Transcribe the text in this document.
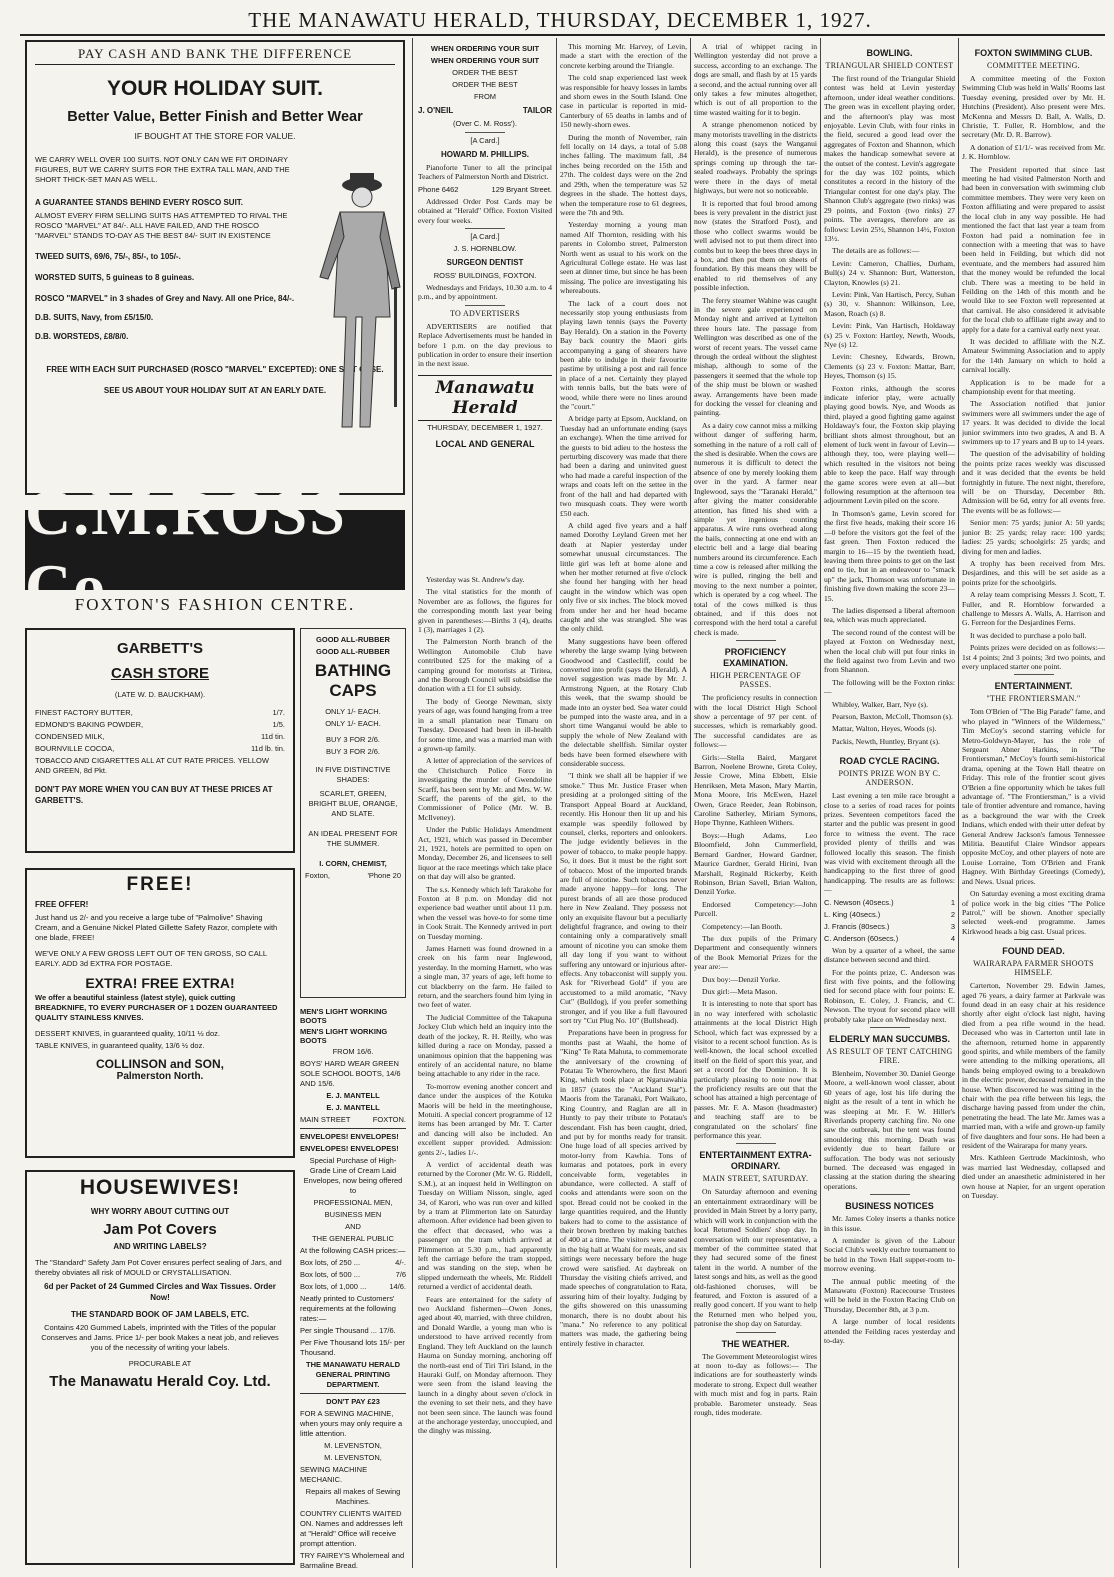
THE MANAWATU HERALD, THURSDAY, DECEMBER 1, 1927.
PAY CASH AND BANK THE DIFFERENCE
YOUR HOLIDAY SUIT.
Better Value, Better Finish and Better Wear
IF BOUGHT AT THE STORE FOR VALUE.
WE CARRY WELL OVER 100 SUITS. NOT ONLY CAN WE FIT ORDINARY FIGURES, BUT WE CARRY SUITS FOR THE EXTRA TALL MAN, AND THE SHORT THICK-SET MAN AS WELL.
A GUARANTEE STANDS BEHIND EVERY ROSCO SUIT.
ALMOST EVERY FIRM SELLING SUITS HAS ATTEMPTED TO RIVAL THE ROSCO "MARVEL" AT 84/-. ALL HAVE FAILED, AND THE ROSCO "MARVEL" STANDS TO-DAY AS THE BEST 84/- SUIT IN EXISTENCE
TWEED SUITS, 69/6, 75/-, 85/-, to 105/-.
WORSTED SUITS, 5 guineas to 8 guineas.
ROSCO "MARVEL" in 3 shades of Grey and Navy. All one Price, 84/-.
D.B. SUITS, Navy, from £5/15/0.
D.B. WORSTEDS, £8/8/0.
FREE WITH EACH SUIT PURCHASED (ROSCO "MARVEL" EXCEPTED): ONE SUIT CASE.
SEE US ABOUT YOUR HOLIDAY SUIT AT AN EARLY DATE.
C.M.ROSS Co
FOXTON'S FASHION CENTRE.
GARBETT'S
CASH STORE
(LATE W. D. BAUCKHAM).
FINEST FACTORY BUTTER,	1/7.
EDMOND'S BAKING POWDER,	1/5.
CONDENSED MILK,	11d tin.
BOURNVILLE COCOA,	11d lb. tin.
TOBACCO AND CIGARETTES ALL AT CUT RATE PRICES. YELLOW AND GREEN, 8d Pkt.
DON'T PAY MORE WHEN YOU CAN BUY AT THESE PRICES AT GARBETT'S.
GOOD ALL-RUBBER
GOOD ALL-RUBBER
BATHING
CAPS
ONLY 1/- EACH.
ONLY 1/- EACH.
BUY 3 FOR 2/6.
BUY 3 FOR 2/6.
IN FIVE DISTINCTIVE SHADES:
SCARLET, GREEN, BRIGHT BLUE, ORANGE, AND SLATE.
AN IDEAL PRESENT FOR THE SUMMER.
I. CORN, CHEMIST,
Foxton,	'Phone 20
FREE!
FREE OFFER!
Just hand us 2/- and you receive a large tube of "Palmolive" Shaving Cream, and a Genuine Nickel Plated Gillette Safety Razor, complete with one blade, FREE!
WE'VE ONLY A FEW GROSS LEFT OUT OF TEN GROSS, SO CALL EARLY. ADD 3d EXTRA FOR POSTAGE.
EXTRA! FREE EXTRA!
We offer a beautiful stainless (latest style), quick cutting BREADKNIFE, TO EVERY PURCHASER OF 1 DOZEN GUARANTEED QUALITY STAINLESS KNIVES.
DESSERT KNIVES, in guaranteed quality, 10/11 ½ doz.
TABLE KNIVES, in guaranteed quality, 13/6 ½ doz.
COLLINSON and SON,
Palmerston North.
MEN'S LIGHT WORKING BOOTS
MEN'S LIGHT WORKING BOOTS
FROM 16/6.
BOYS' HARD WEAR GREEN SOLE SCHOOL BOOTS, 14/6 AND 15/6.
E. J. MANTELL
E. J. MANTELL
MAIN STREET	FOXTON.
ENVELOPES! ENVELOPES!
ENVELOPES! ENVELOPES!
Special Purchase of High-Grade Line of Cream Laid Envelopes, now being offered to
PROFESSIONAL MEN,
BUSINESS MEN
AND
THE GENERAL PUBLIC
At the following CASH prices:—
Box lots, of 250 ...	4/-.
Box lots, of 500 ...	7/6
Box lots, of 1,000 ...	14/6.
Neatly printed to Customers' requirements at the following rates:—
Per single Thousand ... 17/6.
Per Five Thousand lots 15/- per Thousand.
THE MANAWATU HERALD GENERAL PRINTING DEPARTMENT.
DON'T PAY £23
FOR A SEWING MACHINE, when yours may only require a little attention.
M. LEVENSTON,
M. LEVENSTON,
SEWING MACHINE MECHANIC.
Repairs all makes of Sewing Machines.
COUNTRY CLIENTS WAITED ON. Names and addresses left at "Herald" Office will receive prompt attention.
TRY FAIREY'S Wholemeal and Barmaline Bread.
HOUSEWIVES!
WHY WORRY ABOUT CUTTING OUT
Jam Pot Covers
AND WRITING LABELS?
The "Standard" Safety Jam Pot Cover ensures perfect sealing of Jars, and thereby obviates all risk of MOULD or CRYSTALLISATION.
6d per Packet of 24 Gummed Circles and Wax Tissues. Order Now!
THE STANDARD BOOK OF JAM LABELS, ETC.
Contains 420 Gummed Labels, imprinted with the Titles of the popular Conserves and Jams. Price 1/- per book Makes a neat job, and relieves you of the necessity of writing your labels.
PROCURABLE AT
The Manawatu Herald Coy. Ltd.
WHEN ORDERING YOUR SUIT
WHEN ORDERING YOUR SUIT
ORDER THE BEST
ORDER THE BEST
FROM
J. O'NEIL	TAILOR
(Over C. M. Ross').
[A Card.]
HOWARD M. PHILLIPS.

Pianoforte Tuner to all the principal Teachers of Palmerston North and District.

Phone 6462	129 Bryant Street.

Addressed Order Post Cards may be obtained at "Herald" Office. Foxton Visited every four weeks.

[A Card.]
J. S. HORNBLOW.
SURGEON DENTIST
ROSS' BUILDINGS, FOXTON.

Wednesdays and Fridays, 10.30 a.m. to 4 p.m., and by appointment.

TO ADVERTISERS

ADVERTISERS are notified that Replace Advertisements must be handed in before 1 p.m. on the day previous to publication in order to ensure their insertion in the next issue.

Manawatu Herald
THURSDAY, DECEMBER 1, 1927.
LOCAL AND GENERAL

Yesterday was St. Andrew's day.

The vital statistics for the month of November are as follows, the figures for the corresponding month last year being given in parentheses:—Births 3 (4), deaths 1 (3), marriages 1 (2).

The Palmerston North branch of the Wellington Automobile Club have contributed £25 for the making of a camping ground for motorists at Tiritea, and the Borough Council will subsidise the donation with a £1 for £1 subsidy.

The body of George Newman, sixty years of age, was found hanging from a tree in a small plantation near Timaru on Tuesday. Deceased had been in ill-health for some time, and was a married man with a grown-up family.

A letter of appreciation of the services of the Christchurch Police Force in investigating the murder of Gwendoline Scarff, has been sent by Mr. and Mrs. W. W. Scarff, the parents of the girl, to the Commissioner of Police (Mr. W. B. McIlveney).

Under the Public Holidays Amendment Act, 1921, which was passed in December 21, 1921, hotels are permitted to open on Monday, December 26, and licensees to sell liquor at the race meetings which take place on that day will also be granted.

The s.s. Kennedy which left Tarakohe for Foxton at 8 p.m. on Monday did not experience bad weather until about 11 p.m. when the vessel was hove-to for some time in Cook Strait. The Kennedy arrived in port on Tuesday morning.

James Harnett was found drowned in a creek on his farm near Inglewood, yesterday. In the morning Harnett, who was a single man, 37 years of age, left home to cut blackberry on the farm. He failed to return, and the searchers found him lying in two feet of water.

The Judicial Committee of the Takapuna Jockey Club which held an inquiry into the death of the jockey, R. H. Reilly, who was killed during a race on Monday, passed a unanimous opinion that the happening was entirely of an accidental nature, no blame being attachable to any rider in the race.

To-morrow evening another concert and dance under the auspices of the Kotuku Maoris will be held in the meetinghouse, Motuiti. A special concert programme of 12 items has been arranged by Mr. T. Carter and dancing will also be included. An excellent supper provided. Admission: gents 2/-, ladies 1/-.

A verdict of accidental death was returned by the Coroner (Mr. W. G. Riddell, S.M.), at an inquest held in Wellington on Tuesday on William Nisson, single, aged 34, of Karori, who was run over and killed by a tram at Plimmerton late on Saturday afternoon. After evidence had been given to the effect that deceased, who was a passenger on the tram which arrived at Plimmerton at 5.30 p.m., had apparently left the carriage before the tram stopped, and was standing on the step, when he slipped underneath the wheels, Mr. Riddell returned a verdict of accidental death.

Fears are entertained for the safety of two Auckland fishermen—Owen Jones, aged about 40, married, with three children, and Donald Wardle, a young man who is understood to have arrived recently from England. They left Auckland on the launch Hauma on Sunday morning, anchoring off the north-east end of Tiri Tiri Island, in the Hauraki Gulf, on Monday afternoon. They were seen from the island leaving the launch in a dinghy about seven o'clock in the evening to set their nets, and they have not been seen since. The launch was found at the anchorage yesterday, unoccupied, and the dinghy was missing.

This morning Mr. Harvey, of Levin, made a start with the erection of the concrete kerbing around the Triangle.

The cold snap experienced last week was responsible for heavy losses in lambs and shorn ewes in the South Island. One case in particular is reported in mid-Canterbury of 65 deaths in lambs and of 150 newly-shorn ewes.

During the month of November, rain fell locally on 14 days, a total of 5.08 inches falling. The maximum fall, .84 inches being recorded on the 15th and 27th. The coldest days were on the 2nd and 29th, when the temperature was 52 degrees in the shade. The hottest days, when the temperature rose to 61 degrees, were the 7th and 9th.

Yesterday morning a young man named Alf Thornton, residing with his parents in Colombo street, Palmerston North went as usual to his work on the Agricultural College estate. He was last seen at dinner time, but since he has been missing. The police are investigating his whereabouts.

The lack of a court does not necessarily stop young enthusiasts from playing lawn tennis (says the Poverty Bay Herald). On a station in the Poverty Bay back country the Maori girls accompanying a gang of shearers have been able to indulge in their favourite pastime by utilising a post and rail fence in place of a net. Certainly they played with tennis balls, but the bats were of wood, while there were no lines around the "court."

A bridge party at Epsom, Auckland, on Tuesday had an unfortunate ending (says an exchange). When the time arrived for the guests to bid adieu to the hostess the perturbing discovery was made that there had been a daring and uninvited guest who had made a careful inspection of the wraps and coats left on the settee in the front of the hall and had departed with two musquash coats. They were worth £50 each.

A child aged five years and a half named Dorothy Leyland Green met her death at Napier yesterday under somewhat unusual circumstances. The little girl was left at home alone and when her mother returned at five o'clock she found her hanging with her head caught in the window which was open only five or six inches. The block moved from under her and her head became caught and she was strangled. She was the only child.

Many suggestions have been offered whereby the large swamp lying between Goodwood and Castlecliff, could be converted into profit (says the Herald). A novel suggestion was made by Mr. J. Armstrong Nguen, at the Rotary Club this week, that the swamp should be made into an oyster bed. Sea water could be pumped into the waste area, and in a short time Wanganui would be able to supply the whole of New Zealand with the delectable shellfish. Similar oyster beds have been formed elsewhere with considerable success.

"I think we shall all be happier if we smoke." Thus Mr. Justice Fraser when presiding at a prolonged sitting of the Transport Appeal Board at Auckland, recently. His Honour then lit up and his example was speedily followed by counsel, clerks, reporters and onlookers. The judge evidently believes in the power of tobacco, to make people happy. So, it does. But it must be the right sort of tobacco. Most of the imported brands are full of nicotine. Such tobaccos never made anyone happy—for long. The purest brands of all are those produced here in New Zealand. They possess not only an exquisite flavour but a peculiarly delightful fragrance, and owing to their containing only a comparatively small amount of nicotine you can smoke them all day long if you want to without suffering any untoward or injurious after-effects. Any tobacconist will supply you. Ask for "Riverhead Gold" if you are accustomed to a mild aromatic, "Navy Cut" (Bulldog), if you prefer something stronger, and if you like a full flavoured sort try "Cut Plug No. 10" (Bullshead).

Preparations have been in progress for months past at Waahi, the home of "King" Te Rata Mahuta, to commemorate the anniversary of the crowning of Potatau Te Wherowhero, the first Maori King, which took place at Ngaruawahia in 1857 (states the "Auckland Star"). Maoris from the Taranaki, Port Waikato, King Country, and Raglan are all in Huntly to pay their tribute to Potatau's descendant. Fish has been caught, dried, and put by for months ready for transit. One huge load of all species arrived by motor-lorry from Kawhia. Tons of kumaras and potatoes, pork in every conceivable form, vegetables in abundance, were collected. A staff of cooks and attendants were soon on the spot. Bread could not be cooked in the large quantities required, and the Huntly bakers had to come to the assistance of their brown brethren by making batches of 400 at a time. The visitors were seated in the big hall at Waahi for meals, and six sittings were necessary before the huge crowd were satisfied. At daybreak on Thursday the visiting chiefs arrived, and made speeches of congratulation to Rata, assuring him of their loyalty. Judging by the gifts showered on this unassuming monarch, there is no doubt about his "mana." No reference to any political matters was made, the gathering being entirely festive in character.

A trial of whippet racing in Wellington yesterday did not prove a success, according to an exchange. The dogs are small, and flash by at 15 yards a second, and the actual running over all only takes a few minutes altogether, which is out of all proportion to the time wasted waiting for it to begin.

A strange phenomenon noticed by many motorists travelling in the districts along this coast (says the Wanganui Herald), is the presence of numerous springs coming up through the tar-sealed roadways. Probably the springs were there in the days of metal highways, but were not so noticeable.

It is reported that foul brood among bees is very prevalent in the district just now (states the Stratford Post), and those who collect swarms would be well advised not to put them direct into combs but to keep the bees three days in a box, and then put them on sheets of foundation. By this means they will be enabled to rid themselves of any possible infection.

The ferry steamer Wahine was caught in the severe gale experienced on Monday night and arrived at Lyttelton three hours late. The passage from Wellington was described as one of the worst of recent years. The vessel came through the ordeal without the slightest mishap, although to some of the passengers it seemed that the whole top of the ship must be blown or washed away. Arrangements have been made for docking the vessel for cleaning and painting.

As a dairy cow cannot miss a milking without danger of suffering harm, something in the nature of a roll call of the shed is desirable. When the cows are numerous it is difficult to detect the absence of one by merely looking them over in the yard. A farmer near Inglewood, says the "Taranaki Herald," after giving the matter considerable attention, has fitted his shed with a simple yet ingenious counting apparatus. A wire runs overhead along the bails, connecting at one end with an electric bell and a large dial bearing numbers around its circumference. Each time a cow is released after milking the wire is pulled, ringing the bell and moving to the next number a pointer, which is operated by a cog wheel. The total of the cows milked is thus obtained, and if this does not correspond with the herd total a careful check is made.

PROFICIENCY EXAMINATION.
HIGH PERCENTAGE OF PASSES.

The proficiency results in connection with the local District High School show a percentage of 97 per cent. of successes, which is remarkably good. The successful candidates are as follows:—

Girls:—Stella Baird, Margaret Barron, Noelene Browne, Greta Coley, Jessie Crowe, Mina Ebbett, Elsie Henriksen, Meta Mason, Mary Martin, Mona Moore, Iris McEwen, Hazel Owen, Grace Reeder, Jean Robinson, Caroline Satherley, Miriam Symons, Hope Thynne, Kathleen Withers.

Boys:—Hugh Adams, Leo Bloomfield, John Cummerfield, Bernard Gardner, Howard Gardner, Maurice Gardner, Gerald Hirini, Ivan Marshall, Reginald Rickerby, Keith Robinson, Brian Savell, Brian Walton, Denzil Yorke.

Endorsed Competency:—John Purcell.

Competency:—Ian Booth.

The dux pupils of the Primary Department and consequently winners of the Book Memorial Prizes for the year are:—

Dux boy:—Denzil Yorke.

Dux girl:—Meta Mason.

It is interesting to note that sport has in no way interfered with scholastic attainments at the local District High School, which fact was expressed by a visitor to a recent school function. As is well-known, the local school excelled itself on the field of sport this year, and set a record for the Dominion. It is particularly pleasing to note now that the proficiency results are out that the school has attained a high percentage of passes. Mr. F. A. Mason (headmaster) and teaching staff are to be congratulated on the scholars' fine performance this year.

ENTERTAINMENT EXTRA-ORDINARY.
MAIN STREET, SATURDAY.

On Saturday afternoon and evening an entertainment extraordinary will be provided in Main Street by a lorry party, which will work in conjunction with the local Returned Soldiers' shop day. In conversation with our representative, a member of the committee stated that they had secured some of the finest talent in the world. A number of the latest songs and hits, as well as the good old-fashioned choruses, will be featured, and Foxton is assured of a really good concert. If you want to help the Returned men who helped you, patronise the shop day on Saturday.

THE WEATHER.

The Government Meteorologist wires at noon to-day as follows:— The indications are for southeasterly winds moderate to strong. Expect dull weather with much mist and fog in parts. Rain probable. Barometer unsteady. Seas rough, tides moderate.

BOWLING.
TRIANGULAR SHIELD CONTEST

The first round of the Triangular Shield contest was held at Levin yesterday afternoon, under ideal weather conditions. The green was in excellent playing order, and the afternoon's play was most enjoyable. Levin Club, with four rinks in the field, secured a good lead over the aggregates of Foxton and Shannon, which makes the handicap somewhat severe at the outset of the contest. Levin's aggregate for the day was 102 points, which constitutes a record in the history of the Triangular contest for one day's play. The Shannon Club's aggregate (two rinks) was 29 points, and Foxton (two rinks) 27 points. The averages, therefore are as follows: Levin 25½, Shannon 14½, Foxton 13½.

The details are as follows:—

Levin: Cameron, Challies, Durham, Bull(s) 24 v. Shannon: Burt, Watterston, Clayton, Knowles (s) 21.

Levin: Pink, Van Hartisch, Percy, Suhan (s) 30, v. Shannon: Wilkinson, Lee, Mason, Roach (s) 8.

Levin: Pink, Van Hartisch, Holdaway (s) 25 v. Foxton: Hartley, Newth, Woods, Nye (s) 12.

Levin: Chesney, Edwards, Brown, Clements (s) 23 v. Foxton: Mattar, Barr, Heyes, Thomson (s) 15.

Foxton rinks, although the scores indicate inferior play, were actually playing good bowls. Nye, and Woods as third, played a good fighting game against Holdaway's four, the Foxton skip playing brilliant shots almost throughout, but an element of luck went in favour of Levin—although they, too, were playing well—which resulted in the visitors not being able to keep the pace. Half way through the game scores were even at all—but following resumption at the afternoon tea adjournment Levin piled on the score.

In Thomson's game, Levin scored for the first five heads, making their score 16—0 before the visitors got the feel of the fast green. Then Foxton reduced the margin to 16—15 by the twentieth head, leaving them three points to get on the last end to tie, but in an endeavour to "smack up" the jack, Thomson was unfortunate in finishing five down making the score 23—15.

The ladies dispensed a liberal afternoon tea, which was much appreciated.

The second round of the contest will be played at Foxton on Wednesday next, when the local club will put four rinks in the field against two from Levin and two from Shannon.

The following will be the Foxton rinks:—

Whibley, Walker, Barr, Nye (s).

Pearson, Baxton, McColl, Thomson (s).

Mattar, Walton, Heyes, Woods (s).

Packis, Newth, Huntley, Bryant (s).

ROAD CYCLE RACING.
POINTS PRIZE WON BY C. ANDERSON.

Last evening a ten mile race brought a close to a series of road races for points prizes. Seventeen competitors faced the starter and the public was present in good force to witness the event. The race provided plenty of thrills and was followed locally this season. The finish was vivid with excitement through all the handicapping to the first three of good handicapping. The results are as follows:—

C. Newson (40secs.)	1
L. King (40secs.)	2
J. Francis (80secs.)	3
C. Anderson (60secs.)	4

Won by a quarter of a wheel, the same distance between second and third.

For the points prize, C. Anderson was first with five points, and the following tied for second place with four points: E. Robinson, E. Coley, J. Francis, and C. Newson. The tryout for second place will probably take place on Wednesday next.

ELDERLY MAN SUCCUMBS.
AS RESULT OF TENT CATCHING FIRE.

Blenheim, November 30. Daniel George Moore, a well-known wool classer, about 60 years of age, lost his life during the night as the result of a tent in which he was sleeping at Mr. F. W. Hiller's Riverlands property catching fire. No one saw the outbreak, but the tent was found smouldering this morning. Death was evidently due to heart failure or suffocation. The body was not seriously burned. The deceased was engaged in classing at the station during the shearing operations.

BUSINESS NOTICES

Mr. James Coley inserts a thanks notice in this issue.

A reminder is given of the Labour Social Club's weekly euchre tournament to be held in the Town Hall supper-room to-morrow evening.

The annual public meeting of the Manawatu (Foxton) Racecourse Trustees will be held in the Foxton Racing Club on Thursday, December 8th, at 3 p.m.

A large number of local residents attended the Feilding races yesterday and to-day.

FOXTON SWIMMING CLUB.
COMMITTEE MEETING.

A committee meeting of the Foxton Swimming Club was held in Walls' Rooms last Tuesday evening, presided over by Mr. H. Hutchins (President). Also present were Mrs. McKenna and Messrs D. Ball, A. Walls, D. Christie, T. Fuller, R. Hornblow, and the secretary (Mr. D. R. Barrow).

A donation of £1/1/- was received from Mr. J. K. Hornblow.

The President reported that since last meeting he had visited Palmerston North and had been in conversation with swimming club committee members. They were very keen on Foxton affiliating and were prepared to assist the local club in any way possible. He had mentioned the fact that last year a team from Foxton had paid a nomination fee in connection with a meeting that was to have been held in Feilding, but which did not eventuate, and the members had assured him that the money would be refunded the local club. There was a meeting to be held in Feilding on the 14th of this month and he would like to see Foxton well represented at that carnival. He also considered it advisable for the local club to affiliate right away and to apply for a date for a carnival early next year.

It was decided to affiliate with the N.Z. Amateur Swimming Association and to apply for the 14th January on which to hold a carnival locally.

Application is to be made for a championship event for that meeting.

The Association notified that junior swimmers were all swimmers under the age of 17 years. It was decided to divide the local junior swimmers into two grades, A and B. A swimmers up to 17 years and B up to 14 years.

The question of the advisability of holding the points prize races weekly was discussed and it was decided that the events be held fortnightly in future. The next night, therefore, will be on Thursday, December 8th. Admission will be 6d, entry for all events free. The events will be as follows:—

Senior men: 75 yards; junior A: 50 yards; junior B: 25 yards; relay race: 100 yards; ladies: 25 yards; schoolgirls: 25 yards; and diving for men and ladies.

A trophy has been received from Mrs. Desjardines, and this will be set aside as a points prize for the schoolgirls.

A relay team comprising Messrs J. Scott, T. Fuller, and R. Hornblow forwarded a challenge to Messrs A. Walls, A. Harrison and G. Ferreon for the Desjardines Ferns.

It was decided to purchase a polo ball.

Points prizes were decided on as follows:—1st 4 points; 2nd 3 points; 3rd two points, and every unplaced starter one point.

ENTERTAINMENT.
"THE FRONTIERSMAN."

Tom O'Brien of "The Big Parade" fame, and who played in "Winners of the Wilderness," Tim McCoy's second starring vehicle for Metro-Goldwyn-Mayer, has the role of Sergeant Abner Harkins, in "The Frontiersman," McCoy's fourth semi-historical drama, opening at the Town Hall theatre on Friday. This role of the frontier scout gives O'Brien a fine opportunity which he takes full advantage of. "The Frontiersman," is a vivid tale of frontier adventure and romance, having as a background the war with the Creek Indians, which ended with their utter defeat by General Andrew Jackson's famous Tennessee Militia. Beautiful Claire Windsor appears opposite McCoy, and other players of note are Louise Lorraine, Tom O'Brien and Frank Hagney. With Birthday Greetings (Comedy), and News. Usual prices.

On Saturday evening a most exciting drama of police work in the big cities "The Police Patrol," will be shown. Another specially selected week-end programme. James Kirkwood heads a big cast. Usual prices.

FOUND DEAD.
WAIRARAPA FARMER SHOOTS HIMSELF.

Carterton, November 29. Edwin James, aged 76 years, a dairy farmer at Parkvale was found dead in an easy chair at his residence shortly after eight o'clock last night, having died from a pea rifle wound in the head. Deceased who was in Carterton until late in the afternoon, returned home in apparently good spirits, and while members of the family were attending to the milking operations, all hands being employed owing to a breakdown in the electric power, deceased remained in the house. When discovered he was sitting in the chair with the pea rifle between his legs, the discharge having passed from under the chin, penetrating the head. The late Mr. James was a married man, with a wife and grown-up family of five daughters and four sons. He had been a resident of the Wairarapa for many years.

Mrs. Kathleen Gertrude Mackintosh, who was married last Wednesday, collapsed and died under an anaesthetic administered in her own house at Napier, for an urgent operation on Tuesday.
